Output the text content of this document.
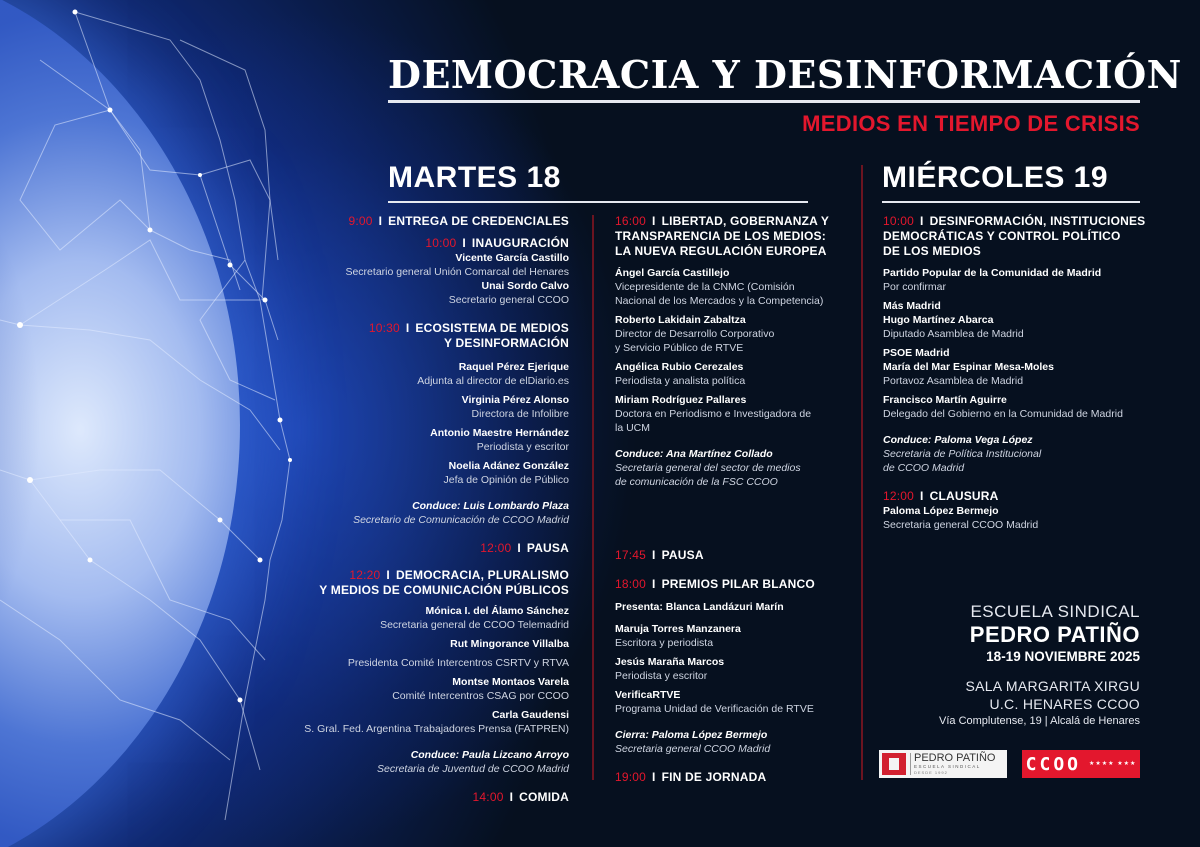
DEMOCRACIA Y DESINFORMACIÓN
MEDIOS EN TIEMPO DE CRISIS
MARTES 18	MIÉRCOLES 19
9:00 I ENTREGA DE CREDENCIALES
10:00 I INAUGURACIÓN
Vicente García Castillo
Secretario general Unión Comarcal del Henares
Unai Sordo Calvo
Secretario general CCOO
10:30 I ECOSISTEMA DE MEDIOS
Y DESINFORMACIÓN
Raquel Pérez Ejerique
Adjunta al director de elDiario.es
Virginia Pérez Alonso
Directora de Infolibre
Antonio Maestre Hernández
Periodista y escritor
Noelia Adánez González
Jefa de Opinión de Público
Conduce: Luis Lombardo Plaza
Secretario de Comunicación de CCOO Madrid
12:00 I PAUSA
12:20 I DEMOCRACIA, PLURALISMO
Y MEDIOS DE COMUNICACIÓN PÚBLICOS
Mónica I. del Álamo Sánchez
Secretaria general de CCOO Telemadrid
Rut Mingorance Villalba
Presidenta Comité Intercentros CSRTV y RTVA
Montse Montaos Varela
Comité Intercentros CSAG por CCOO
Carla Gaudensi
S. Gral. Fed. Argentina Trabajadores Prensa (FATPREN)
Conduce: Paula Lizcano Arroyo
Secretaria de Juventud de CCOO Madrid
14:00 I COMIDA
16:00 I LIBERTAD, GOBERNANZA Y
TRANSPARENCIA DE LOS MEDIOS:
LA NUEVA REGULACIÓN EUROPEA
Ángel García Castillejo
Vicepresidente de la CNMC (Comisión
Nacional de los Mercados y la Competencia)
Roberto Lakidain Zabaltza
Director de Desarrollo Corporativo
y Servicio Público de RTVE
Angélica Rubio Cerezales
Periodista y analista política
Miriam Rodríguez Pallares
Doctora en Periodismo e Investigadora de
la UCM
Conduce: Ana Martínez Collado
Secretaria general del sector de medios
de comunicación de la FSC CCOO
17:45 I PAUSA
18:00 I PREMIOS PILAR BLANCO
Presenta: Blanca Landázuri Marín
Maruja Torres Manzanera
Escritora y periodista
Jesús Maraña Marcos
Periodista y escritor
VerificaRTVE
Programa Unidad de Verificación de RTVE
Cierra: Paloma López Bermejo
Secretaria general CCOO Madrid
19:00 I FIN DE JORNADA
10:00 I DESINFORMACIÓN, INSTITUCIONES
DEMOCRÁTICAS Y CONTROL POLÍTICO
DE LOS MEDIOS
Partido Popular de la Comunidad de Madrid
Por confirmar
Más Madrid
Hugo Martínez Abarca
Diputado Asamblea de Madrid
PSOE Madrid
María del Mar Espinar Mesa-Moles
Portavoz Asamblea de Madrid
Francisco Martín Aguirre
Delegado del Gobierno en la Comunidad de Madrid
Conduce: Paloma Vega López
Secretaria de Política Institucional
de CCOO Madrid
12:00 I CLAUSURA
Paloma López Bermejo
Secretaria general CCOO Madrid
ESCUELA SINDICAL
PEDRO PATIÑO
18-19 NOVIEMBRE 2025
SALA MARGARITA XIRGU
U.C. HENARES CCOO
Vía Complutense, 19 | Alcalá de Henares
PEDRO PATIÑO
ESCUELA SINDICAL
DESDE 1992	CCOO ★★★★ ★★★
